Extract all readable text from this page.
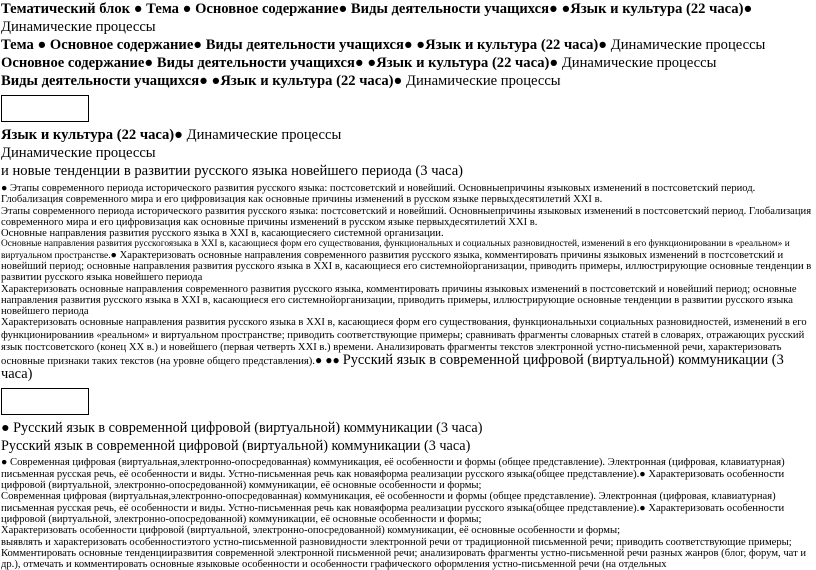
Тематический блок ● Тема ● Основное содержание● Виды деятельности учащихся● ●Язык и культура (22 часа)● Динамические процессы
Тема ● Основное содержание● Виды деятельности учащихся● ●Язык и культура (22 часа)● Динамические процессы
Основное содержание● Виды деятельности учащихся● ●Язык и культура (22 часа)● Динамические процессы
Виды деятельности учащихся● ●Язык и культура (22 часа)● Динамические процессы
Язык и культура (22 часа)● Динамические процессы
Динамические процессы
и новые тенденции в развитии русского языка новейшего периода (3 часа)
● Этапы современного периода исторического развития русского языка: постсоветский и новейший. Основныепричины языковых изменений в постсоветский период. Глобализация современного мира и его цифровизация как основные причины изменений в русском языке первыхдесятилетий XXI в.
Этапы современного периода исторического развития русского языка: постсоветский и новейший. Основныепричины языковых изменений в постсоветский период. Глобализация современного мира и его цифровизация как основные причины изменений в русском языке первыхдесятилетий XXI в.
Основные направления развития русского языка в XXI в, касающиесяего системной организации.
Основные направления развития русскогоязыка в XXI в, касающиеся форм его существования, функциональных и социальных разновидностей, изменений в его функционировании в «реальном» и виртуальном пространстве.● Характеризовать основные направления современного развития русского языка, комментировать причины языковых изменений в постсоветский и новейший период; основные направления развития русского языка в XXI в, касающиеся его системнойорганизации, приводить примеры, иллюстрирующие основные тенденции в развитии русского языка новейшего периода
Характеризовать основные направления современного развития русского языка, комментировать причины языковых изменений в постсоветский и новейший период; основные направления развития русского языка в XXI в, касающиеся его системнойорганизации, приводить примеры, иллюстрирующие основные тенденции в развитии русского языка новейшего периода
Характеризовать основные направления развития русского языка в XXI в, касающиеся форм его существования, функциональныхи социальных разновидностей, изменений в его функционированиив «реальном» и виртуальном пространстве; приводить соответствующие примеры; сравнивать фрагменты словарных статей в словарях, отражающих русский язык постсоветского (конец XX в.) и новейшего (первая четверть XXI в.) времени. Анализировать фрагменты текстов электронной устно-письменной речи, характеризовать основные признаки таких текстов (на уровне общего представления).● ●● Русский язык в современной цифровой (виртуальной) коммуникации (3 часа)
● Русский язык в современной цифровой (виртуальной) коммуникации (3 часа)
Русский язык в современной цифровой (виртуальной) коммуникации (3 часа)
● Современная цифровая (виртуальная,электронно-опосредованная) коммуникация, её особенности и формы (общее представление). Электронная (цифровая, клавиатурная) письменная русская речь, её особенности и виды. Устно-письменная речь как новаяформа реализации русского языка(общее представление).● Характеризовать особенности цифровой (виртуальной, электронно-опосредованной) коммуникации, её основные особенности и формы;
Современная цифровая (виртуальная,электронно-опосредованная) коммуникация, её особенности и формы (общее представление). Электронная (цифровая, клавиатурная) письменная русская речь, её особенности и виды. Устно-письменная речь как новаяформа реализации русского языка(общее представление).● Характеризовать особенности цифровой (виртуальной, электронно-опосредованной) коммуникации, её основные особенности и формы;
Характеризовать особенности цифровой (виртуальной, электронно-опосредованной) коммуникации, её основные особенности и формы;
выявлять и характеризовать особенностиэтого устно-письменной разновидности электронной речи от традиционной письменной речи; приводить соответствующие примеры;
Комментировать основные тенденцииразвития современной электронной письменной речи; анализировать фрагменты устно-письменной речи разных жанров (блог, форум, чат и др.), отмечать и комментировать основные языковые особенности и особенности графического оформления устно-письменной речи (на отдельных
